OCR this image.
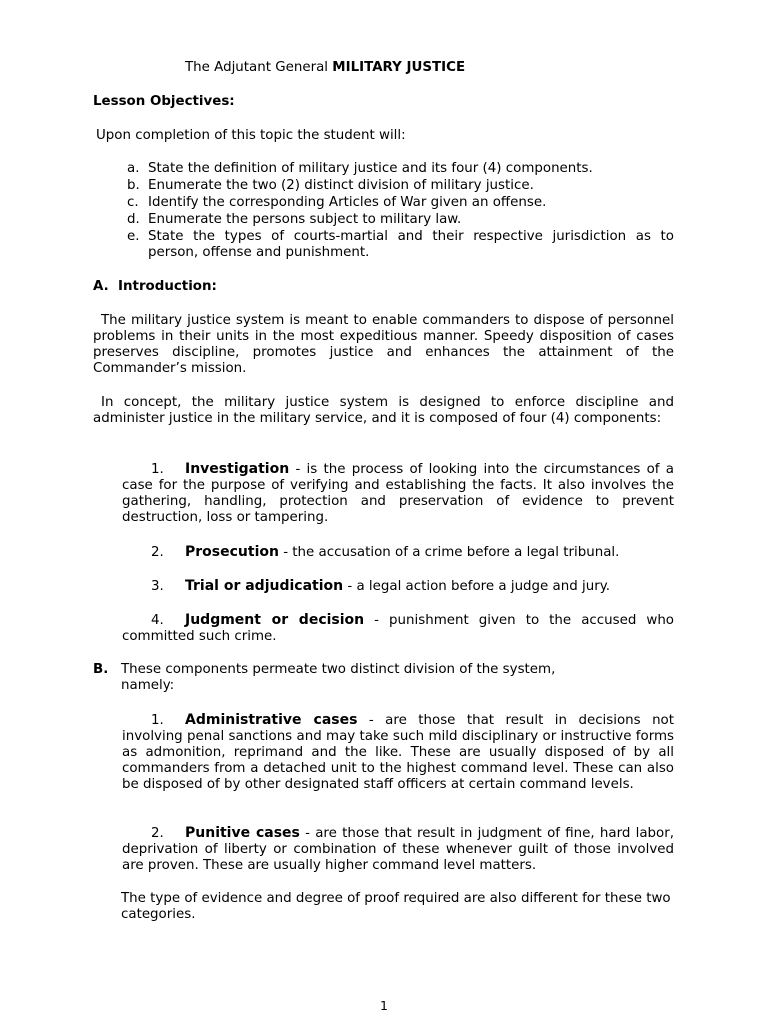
The Adjutant General MILITARY JUSTICE

Lesson Objectives:

Upon completion of this topic the student will:

a. State the definition of military justice and its four (4) components.
b. Enumerate the two (2) distinct division of military justice.
c. Identify the corresponding Articles of War given an offense.
d. Enumerate the persons subject to military law.
e. State the types of courts-martial and their respective jurisdiction as to person, offense and punishment.

A. Introduction:

The military justice system is meant to enable commanders to dispose of personnel problems in their units in the most expeditious manner. Speedy disposition of cases preserves discipline, promotes justice and enhances the attainment of the Commander’s mission.

In concept, the military justice system is designed to enforce discipline and administer justice in the military service, and it is composed of four (4) components:

1. Investigation - is the process of looking into the circumstances of a case for the purpose of verifying and establishing the facts. It also involves the gathering, handling, protection and preservation of evidence to prevent destruction, loss or tampering.

2. Prosecution - the accusation of a crime before a legal tribunal.

3. Trial or adjudication - a legal action before a judge and jury.

4. Judgment or decision - punishment given to the accused who committed such crime.

B. These components permeate two distinct division of the system, namely:

1. Administrative cases - are those that result in decisions not involving penal sanctions and may take such mild disciplinary or instructive forms as admonition, reprimand and the like. These are usually disposed of by all commanders from a detached unit to the highest command level. These can also be disposed of by other designated staff officers at certain command levels.

2. Punitive cases - are those that result in judgment of fine, hard labor, deprivation of liberty or combination of these whenever guilt of those involved are proven. These are usually higher command level matters.

The type of evidence and degree of proof required are also different for these two categories.

1
